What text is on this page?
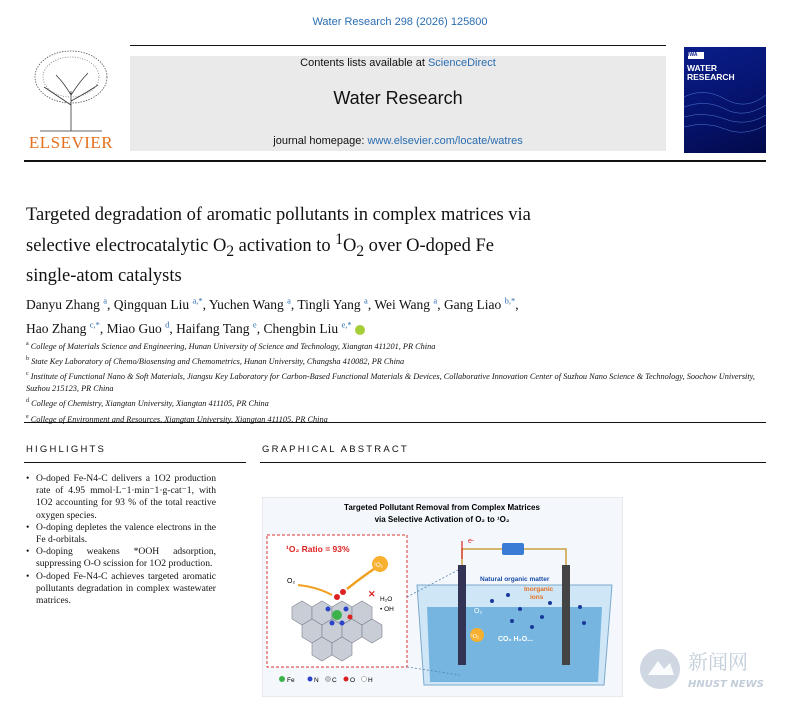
Water Research 298 (2026) 125800
ELSEVIER
Contents lists available at ScienceDirect
Water Research
journal homepage: www.elsevier.com/locate/watres
IWA
WATER
RESEARCH
Targeted degradation of aromatic pollutants in complex matrices via
selective electrocatalytic $O_2$ activation to $^1O_2$ over O-doped Fe
single-atom catalysts
Danyu Zhang $^a$, Qingquan Liu $^{a,*}$, Yuchen Wang $^a$, Tingli Yang $^a$, Wei Wang $^a$, Gang Liao $^{b,*}$,
Hao Zhang $^{c,*}$, Miao Guo $^d$, Haifang Tang $^e$, Chengbin Liu $^{e,*}$
$^a$ College of Materials Science and Engineering, Hunan University of Science and Technology, Xiangtan 411201, PR China
$^b$ State Key Laboratory of Chemo/Biosensing and Chemometrics, Hunan University, Changsha 410082, PR China
$^c$ Institute of Functional Nano & Soft Materials, Jiangsu Key Laboratory for Carbon-Based Functional Materials & Devices, Collaborative Innovation Center of Suzhou Nano Science & Technology, Soochow University, Suzhou 215123, PR China
$^d$ College of Chemistry, Xiangtan University, Xiangtan 411105, PR China
$^e$ College of Environment and Resources, Xiangtan University, Xiangtan 411105, PR China
HIGHLIGHTS	GRAPHICAL ABSTRACT
• O-doped Fe-N4-C delivers a 1O2 production rate of 4.95 mmol·L⁻1·min⁻1·g-cat⁻1, with 1O2 accounting for 93 % of the total reactive oxygen species.
• O-doping depletes the valence electrons in the Fe d-orbitals.
• O-doping weakens *OOH adsorption, suppressing O-O scission for 1O2 production.
• O-doped Fe-N4-C achieves targeted aromatic pollutants degradation in complex wastewater matrices.
Targeted Pollutant Removal from Complex Matrices
via Selective Activation of O₂ to ¹O₂
¹O₂ Ratio = 93%
O₂
¹O₂
✕
H₂O
• OH
Fe	N C O H
e-
Natural organic matter
Inorganic
ions
O₂
¹O₂	CO₂ H₂O...
新闻网
HNUST NEWS
